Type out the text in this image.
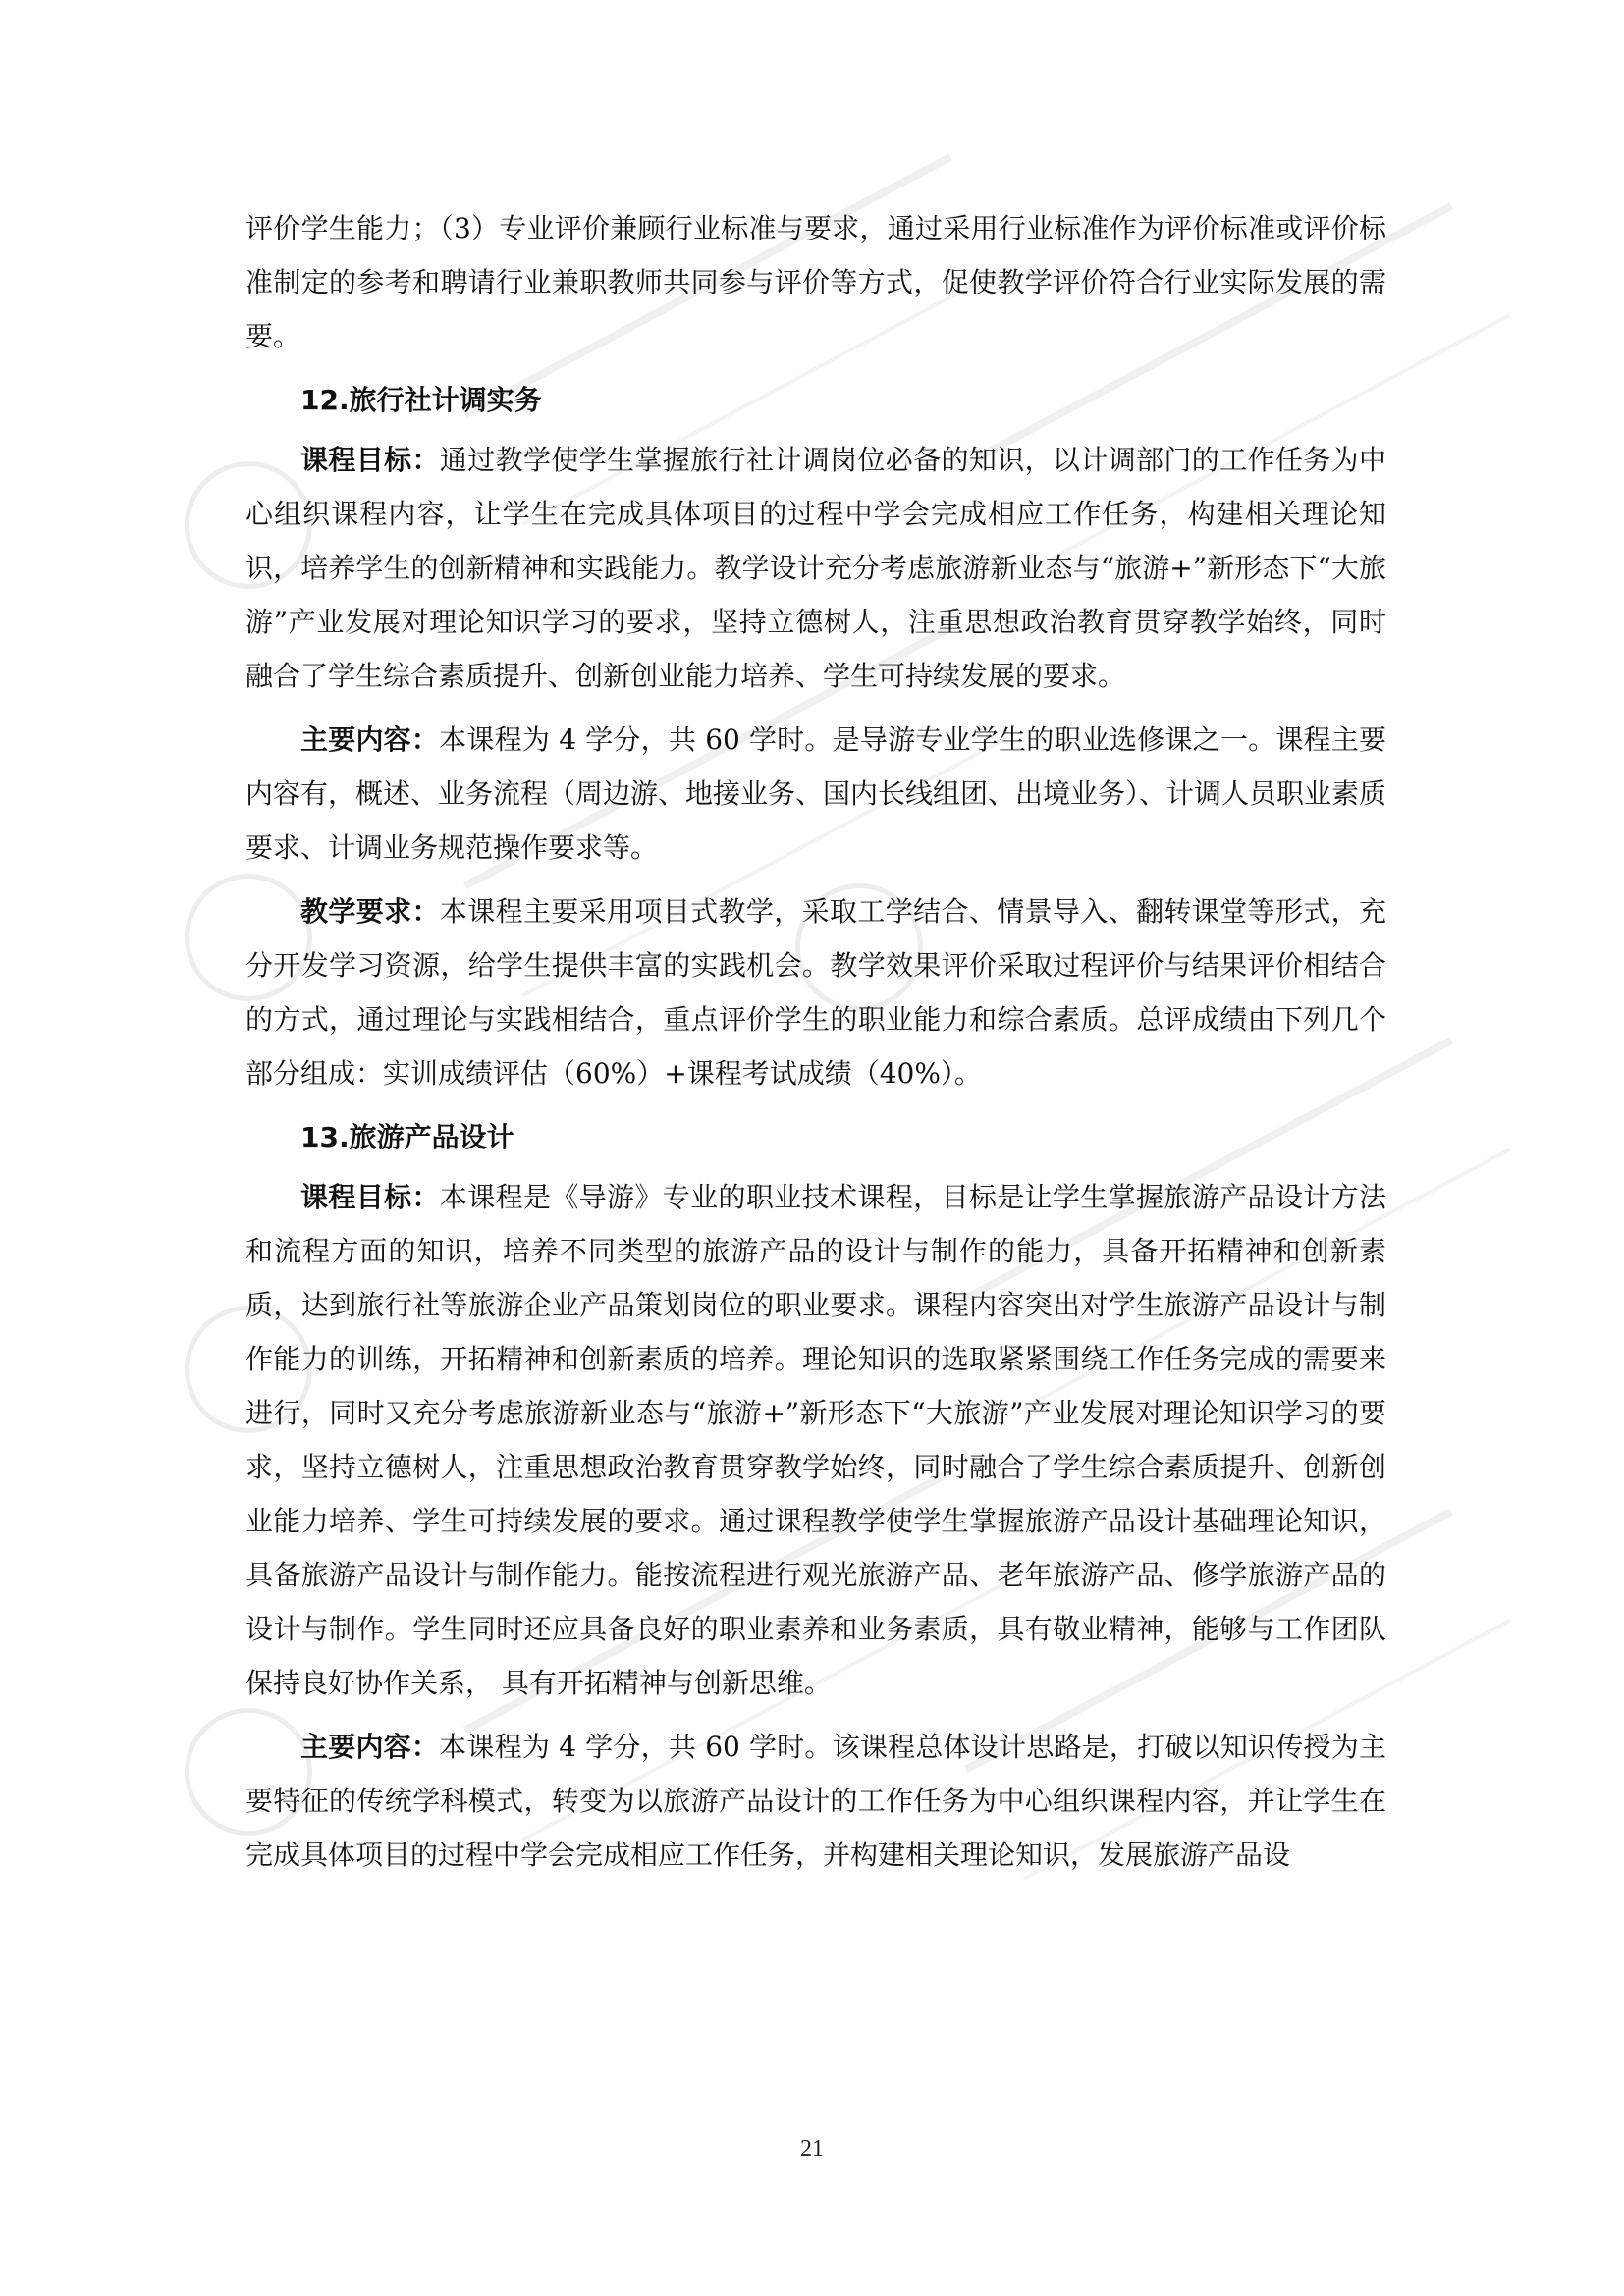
评价学生能力；（3）专业评价兼顾行业标准与要求，通过采用行业标准作为评价标准或评价标准制定的参考和聘请行业兼职教师共同参与评价等方式，促使教学评价符合行业实际发展的需要。

12.旅行社计调实务

课程目标：通过教学使学生掌握旅行社计调岗位必备的知识，以计调部门的工作任务为中心组织课程内容，让学生在完成具体项目的过程中学会完成相应工作任务，构建相关理论知识，培养学生的创新精神和实践能力。教学设计充分考虑旅游新业态与“旅游+”新形态下“大旅游”产业发展对理论知识学习的要求，坚持立德树人，注重思想政治教育贯穿教学始终，同时融合了学生综合素质提升、创新创业能力培养、学生可持续发展的要求。

主要内容：本课程为 4 学分，共 60 学时。是导游专业学生的职业选修课之一。课程主要内容有，概述、业务流程（周边游、地接业务、国内长线组团、出境业务）、计调人员职业素质要求、计调业务规范操作要求等。

教学要求：本课程主要采用项目式教学，采取工学结合、情景导入、翻转课堂等形式，充分开发学习资源，给学生提供丰富的实践机会。教学效果评价采取过程评价与结果评价相结合的方式，通过理论与实践相结合，重点评价学生的职业能力和综合素质。总评成绩由下列几个部分组成：实训成绩评估（60%）+课程考试成绩（40%）。

13.旅游产品设计

课程目标：本课程是《导游》专业的职业技术课程，目标是让学生掌握旅游产品设计方法和流程方面的知识，培养不同类型的旅游产品的设计与制作的能力，具备开拓精神和创新素质，达到旅行社等旅游企业产品策划岗位的职业要求。课程内容突出对学生旅游产品设计与制作能力的训练，开拓精神和创新素质的培养。理论知识的选取紧紧围绕工作任务完成的需要来进行，同时又充分考虑旅游新业态与“旅游+”新形态下“大旅游”产业发展对理论知识学习的要求，坚持立德树人，注重思想政治教育贯穿教学始终，同时融合了学生综合素质提升、创新创业能力培养、学生可持续发展的要求。通过课程教学使学生掌握旅游产品设计基础理论知识，具备旅游产品设计与制作能力。能按流程进行观光旅游产品、老年旅游产品、修学旅游产品的设计与制作。学生同时还应具备良好的职业素养和业务素质，具有敬业精神，能够与工作团队保持良好协作关系， 具有开拓精神与创新思维。

主要内容：本课程为 4 学分，共 60 学时。该课程总体设计思路是，打破以知识传授为主要特征的传统学科模式，转变为以旅游产品设计的工作任务为中心组织课程内容，并让学生在完成具体项目的过程中学会完成相应工作任务，并构建相关理论知识，发展旅游产品设

21
